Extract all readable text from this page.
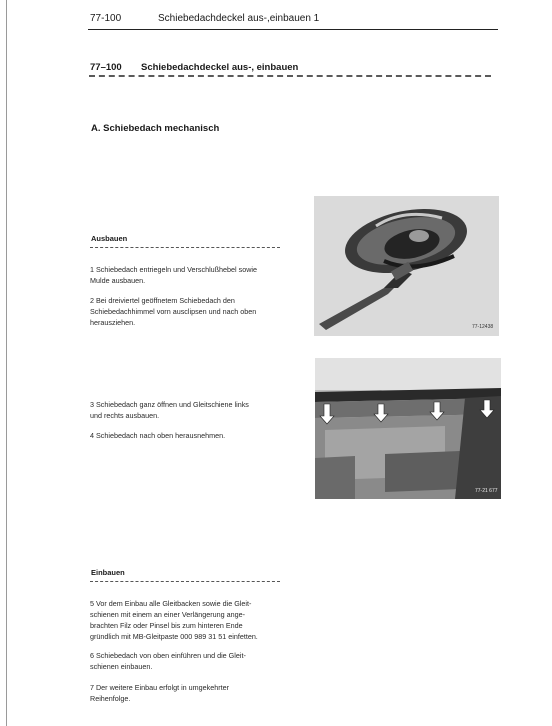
77-100	Schiebedachdeckel aus-,einbauen 1
77–100 Schiebedachdeckel aus-, einbauen
A. Schiebedach mechanisch
Ausbauen
1 Schiebedach entriegeln und Verschlußhebel sowie
Mulde ausbauen.
2 Bei dreiviertel geöffnetem Schiebedach den
Schiebedachhimmel vorn ausclipsen und nach oben
herausziehen.
3 Schiebedach ganz öffnen und Gleitschiene links
und rechts ausbauen.
4 Schiebedach nach oben herausnehmen.
Einbauen
5 Vor dem Einbau alle Gleitbacken sowie die Gleit-
schienen mit einem an einer Verlängerung ange-
brachten Filz oder Pinsel bis zum hinteren Ende
gründlich mit MB-Gleitpaste 000 989 31 51 einfetten.
6 Schiebedach von oben einführen und die Gleit-
schienen einbauen.
7 Der weitere Einbau erfolgt in umgekehrter
Reihenfolge.
77-12438
77-21 677
